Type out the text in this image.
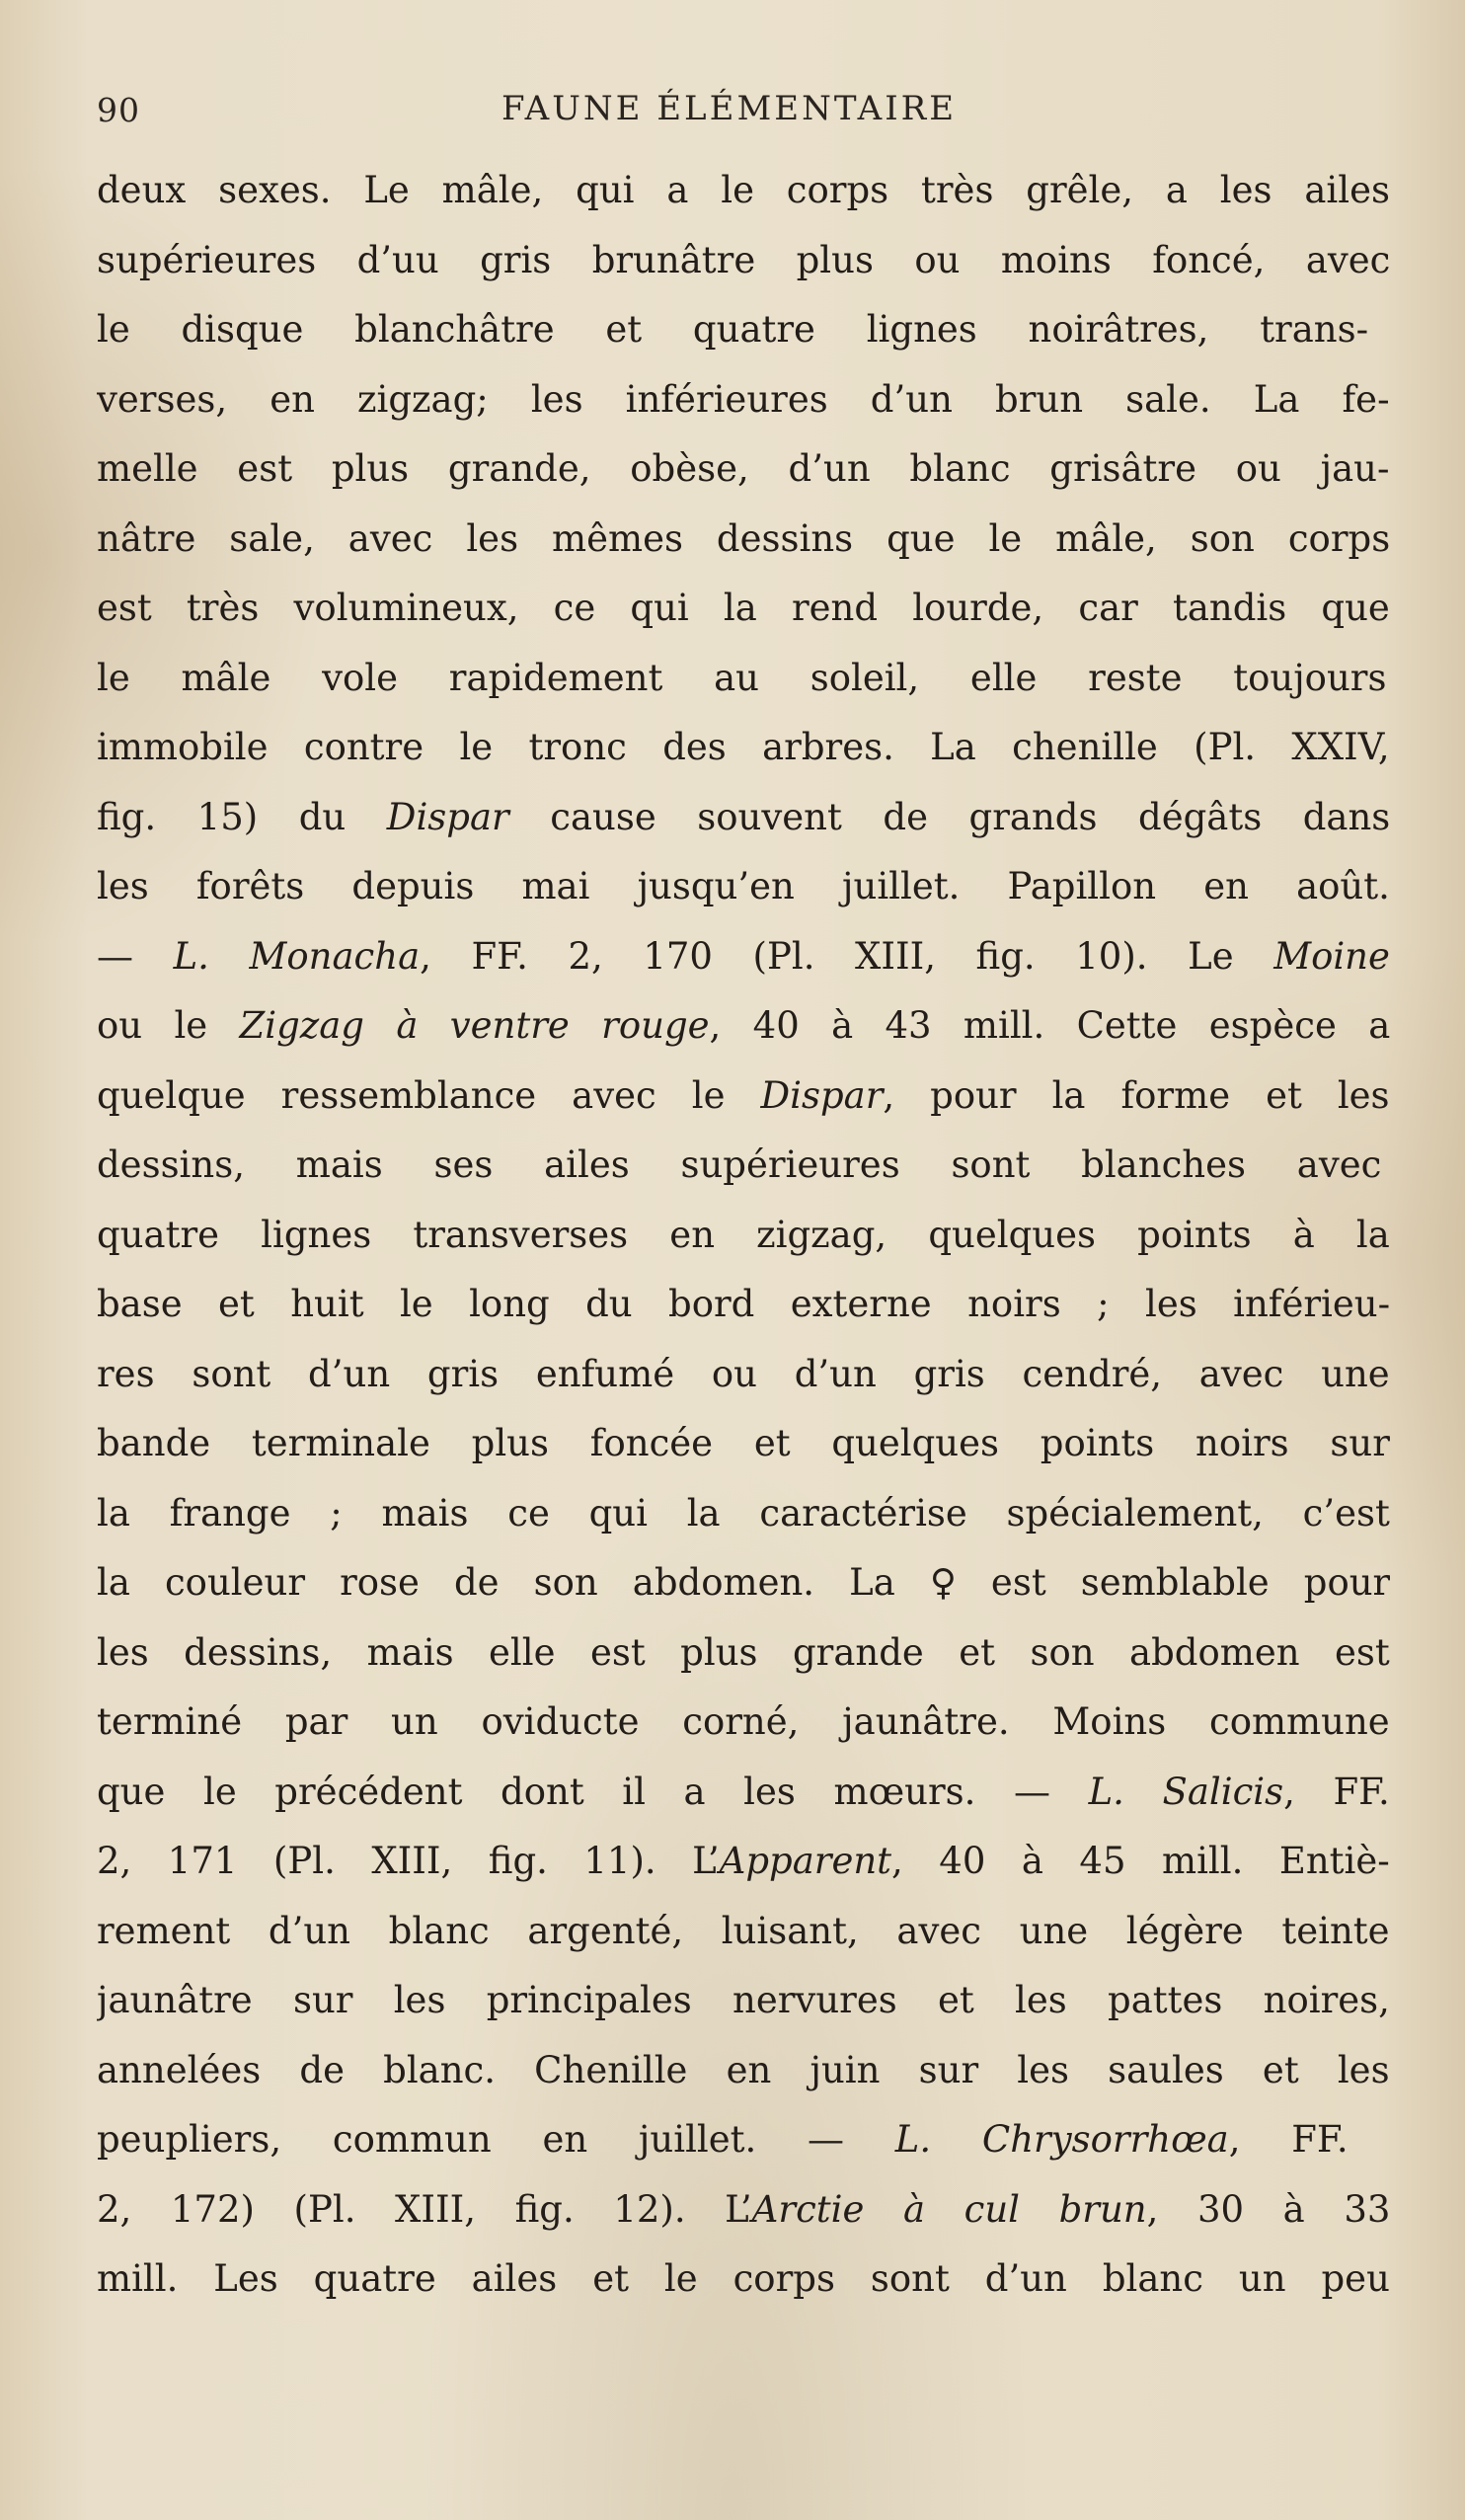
90	FAUNE ÉLÉMENTAIRE
deux sexes. Le mâle, qui a le corps très grêle, a les ailes
supérieures d’uu gris brunâtre plus ou moins foncé, avec
le disque blanchâtre et quatre lignes noirâtres, trans-
verses, en zigzag; les inférieures d’un brun sale. La fe-
melle est plus grande, obèse, d’un blanc grisâtre ou jau-
nâtre sale, avec les mêmes dessins que le mâle, son corps
est très volumineux, ce qui la rend lourde, car tandis que
le mâle vole rapidement au soleil, elle reste toujours
immobile contre le tronc des arbres. La chenille (Pl. XXIV,
fig. 15) du Dispar cause souvent de grands dégâts dans
les forêts depuis mai jusqu’en juillet. Papillon en août.
— L. Monacha, FF. 2, 170 (Pl. XIII, fig. 10). Le Moine
ou le Zigzag à ventre rouge, 40 à 43 mill. Cette espèce a
quelque ressemblance avec le Dispar, pour la forme et les
dessins, mais ses ailes supérieures sont blanches avec
quatre lignes transverses en zigzag, quelques points à la
base et huit le long du bord externe noirs ; les inférieu-
res sont d’un gris enfumé ou d’un gris cendré, avec une
bande terminale plus foncée et quelques points noirs sur
la frange ; mais ce qui la caractérise spécialement, c’est
la couleur rose de son abdomen. La ♀ est semblable pour
les dessins, mais elle est plus grande et son abdomen est
terminé par un oviducte corné, jaunâtre. Moins commune
que le précédent dont il a les mœurs. — L. Salicis, FF.
2, 171 (Pl. XIII, fig. 11). L’Apparent, 40 à 45 mill. Entiè-
rement d’un blanc argenté, luisant, avec une légère teinte
jaunâtre sur les principales nervures et les pattes noires,
annelées de blanc. Chenille en juin sur les saules et les
peupliers, commun en juillet. — L. Chrysorrhœa, FF.
2, 172) (Pl. XIII, fig. 12). L’Arctie à cul brun, 30 à 33
mill. Les quatre ailes et le corps sont d’un blanc un peu
